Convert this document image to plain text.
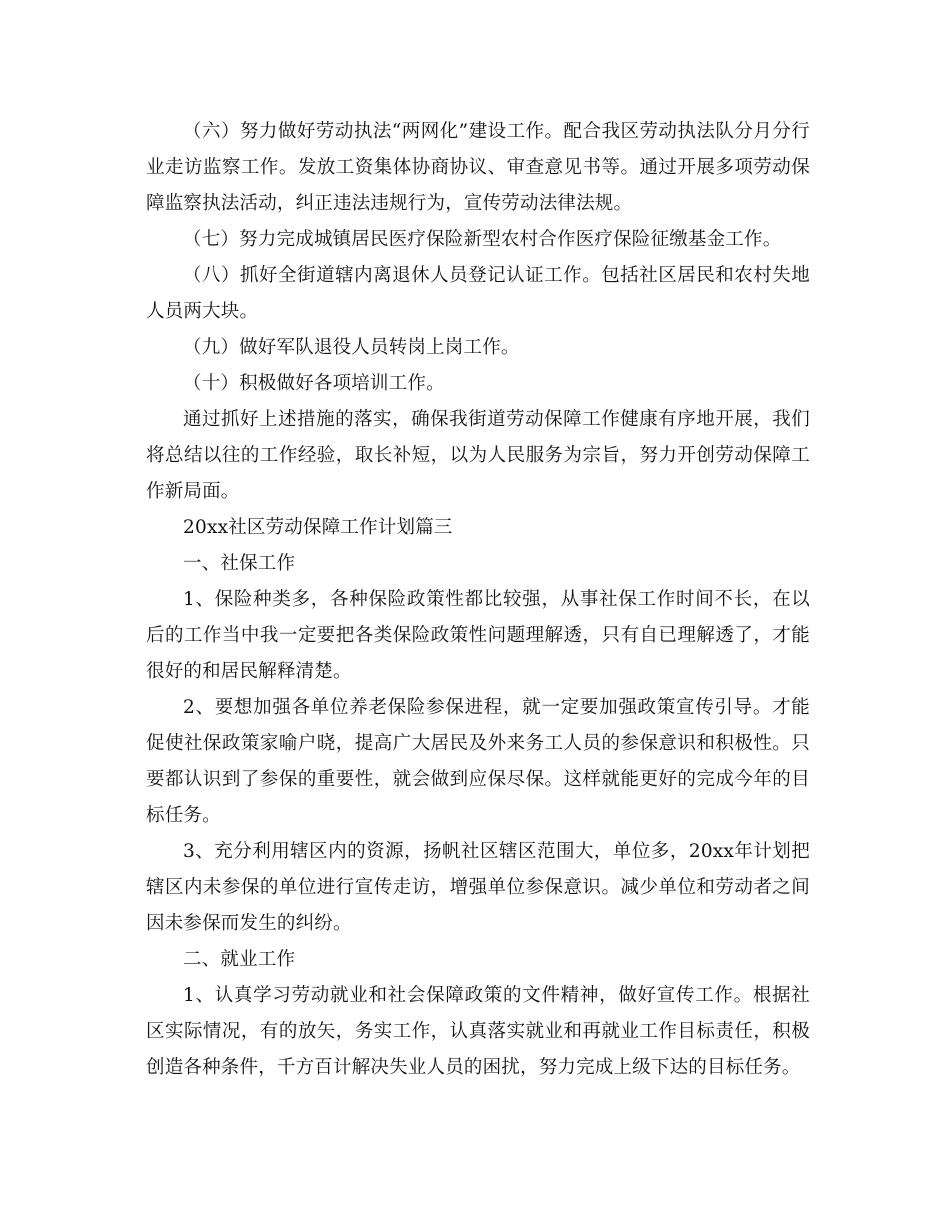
（六）努力做好劳动执法“两网化”建设工作。配合我区劳动执法队分月分行业走访监察工作。发放工资集体协商协议、审查意见书等。通过开展多项劳动保障监察执法活动，纠正违法违规行为，宣传劳动法律法规。

（七）努力完成城镇居民医疗保险新型农村合作医疗保险征缴基金工作。

（八）抓好全街道辖内离退休人员登记认证工作。包括社区居民和农村失地人员两大块。

（九）做好军队退役人员转岗上岗工作。

（十）积极做好各项培训工作。

通过抓好上述措施的落实，确保我街道劳动保障工作健康有序地开展，我们将总结以往的工作经验，取长补短，以为人民服务为宗旨，努力开创劳动保障工作新局面。

20xx社区劳动保障工作计划篇三

一、社保工作

1、保险种类多，各种保险政策性都比较强，从事社保工作时间不长，在以后的工作当中我一定要把各类保险政策性问题理解透，只有自已理解透了，才能很好的和居民解释清楚。

2、要想加强各单位养老保险参保进程，就一定要加强政策宣传引导。才能促使社保政策家喻户晓，提高广大居民及外来务工人员的参保意识和积极性。只要都认识到了参保的重要性，就会做到应保尽保。这样就能更好的完成今年的目标任务。

3、充分利用辖区内的资源，扬帆社区辖区范围大，单位多，20xx年计划把辖区内未参保的单位进行宣传走访，增强单位参保意识。减少单位和劳动者之间因未参保而发生的纠纷。

二、就业工作

1、认真学习劳动就业和社会保障政策的文件精神，做好宣传工作。根据社区实际情况，有的放矢，务实工作，认真落实就业和再就业工作目标责任，积极创造各种条件，千方百计解决失业人员的困扰，努力完成上级下达的目标任务。
